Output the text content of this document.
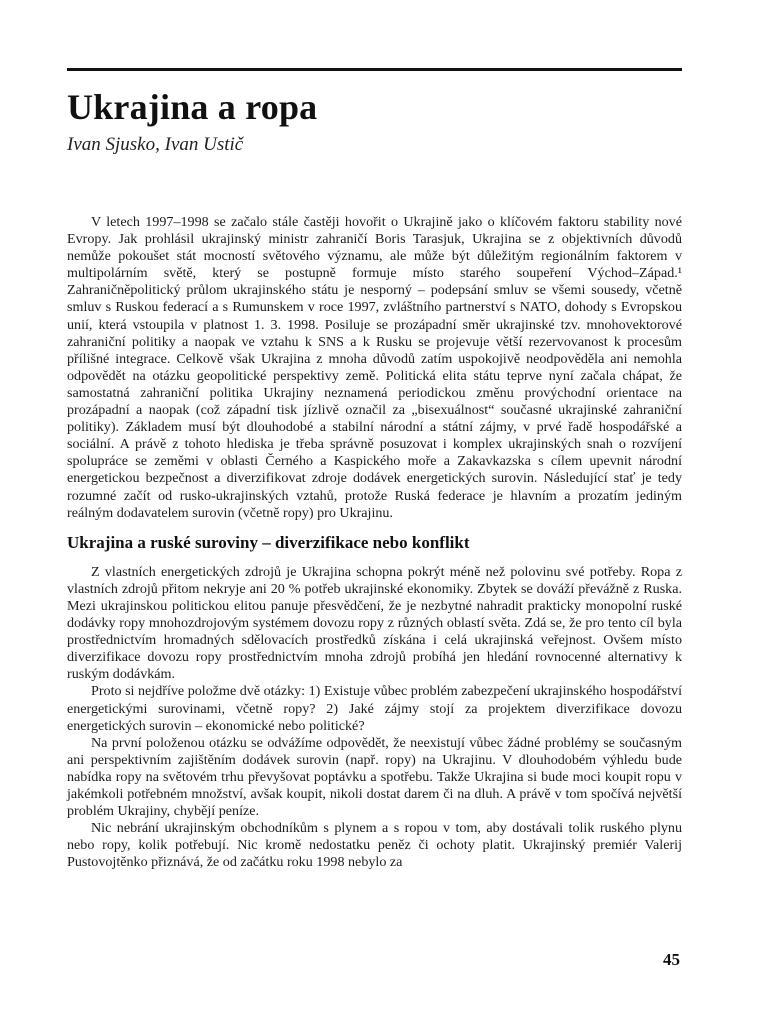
Ukrajina a ropa

Ivan Sjusko, Ivan Ustič

V letech 1997–1998 se začalo stále častěji hovořit o Ukrajině jako o klíčovém faktoru stability nové Evropy. Jak prohlásil ukrajinský ministr zahraničí Boris Tarasjuk, Ukrajina se z objektivních důvodů nemůže pokoušet stát mocností světového významu, ale může být důležitým regionálním faktorem v multipolárním světě, který se postupně formuje místo starého soupeření Východ–Západ.¹ Zahraničněpolitický průlom ukrajinského státu je nesporný – podepsání smluv se všemi sousedy, včetně smluv s Ruskou federací a s Rumunskem v roce 1997, zvláštního partnerství s NATO, dohody s Evropskou unií, která vstoupila v platnost 1. 3. 1998. Posiluje se prozápadní směr ukrajinské tzv. mnohovektorové zahraniční politiky a naopak ve vztahu k SNS a k Rusku se projevuje větší rezervovanost k procesům přílišné integrace. Celkově však Ukrajina z mnoha důvodů zatím uspokojivě neodpověděla ani nemohla odpovědět na otázku geopolitické perspektivy země. Politická elita státu teprve nyní začala chápat, že samostatná zahraniční politika Ukrajiny neznamená periodickou změnu provýchodní orientace na prozápadní a naopak (což západní tisk jízlivě označil za „bisexuálnost“ současné ukrajinské zahraniční politiky). Základem musí být dlouhodobé a stabilní národní a státní zájmy, v prvé řadě hospodářské a sociální. A právě z tohoto hlediska je třeba správně posuzovat i komplex ukrajinských snah o rozvíjení spolupráce se zeměmi v oblasti Černého a Kaspického moře a Zakavkazska s cílem upevnit národní energetickou bezpečnost a diverzifikovat zdroje dodávek energetických surovin. Následující stať je tedy rozumné začít od rusko-ukrajinských vztahů, protože Ruská federace je hlavním a prozatím jediným reálným dodavatelem surovin (včetně ropy) pro Ukrajinu.

Ukrajina a ruské suroviny – diverzifikace nebo konflikt

Z vlastních energetických zdrojů je Ukrajina schopna pokrýt méně než polovinu své potřeby. Ropa z vlastních zdrojů přitom nekryje ani 20 % potřeb ukrajinské ekonomiky. Zbytek se dováží převážně z Ruska. Mezi ukrajinskou politickou elitou panuje přesvědčení, že je nezbytné nahradit prakticky monopolní ruské dodávky ropy mnohozdrojovým systémem dovozu ropy z různých oblastí světa. Zdá se, že pro tento cíl byla prostřednictvím hromadných sdělovacích prostředků získána i celá ukrajinská veřejnost. Ovšem místo diverzifikace dovozu ropy prostřednictvím mnoha zdrojů probíhá jen hledání rovnocenné alternativy k ruským dodávkám.

Proto si nejdříve položme dvě otázky: 1) Existuje vůbec problém zabezpečení ukrajinského hospodářství energetickými surovinami, včetně ropy? 2) Jaké zájmy stojí za projektem diverzifikace dovozu energetických surovin – ekonomické nebo politické?

Na první položenou otázku se odvážíme odpovědět, že neexistují vůbec žádné problémy se současným ani perspektivním zajištěním dodávek surovin (např. ropy) na Ukrajinu. V dlouhodobém výhledu bude nabídka ropy na světovém trhu převyšovat poptávku a spotřebu. Takže Ukrajina si bude moci koupit ropu v jakémkoli potřebném množství, avšak koupit, nikoli dostat darem či na dluh. A právě v tom spočívá největší problém Ukrajiny, chybějí peníze.

Nic nebrání ukrajinským obchodníkům s plynem a s ropou v tom, aby dostávali tolik ruského plynu nebo ropy, kolik potřebují. Nic kromě nedostatku peněz či ochoty platit. Ukrajinský premiér Valerij Pustovojtěnko přiznává, že od začátku roku 1998 nebylo za

45
